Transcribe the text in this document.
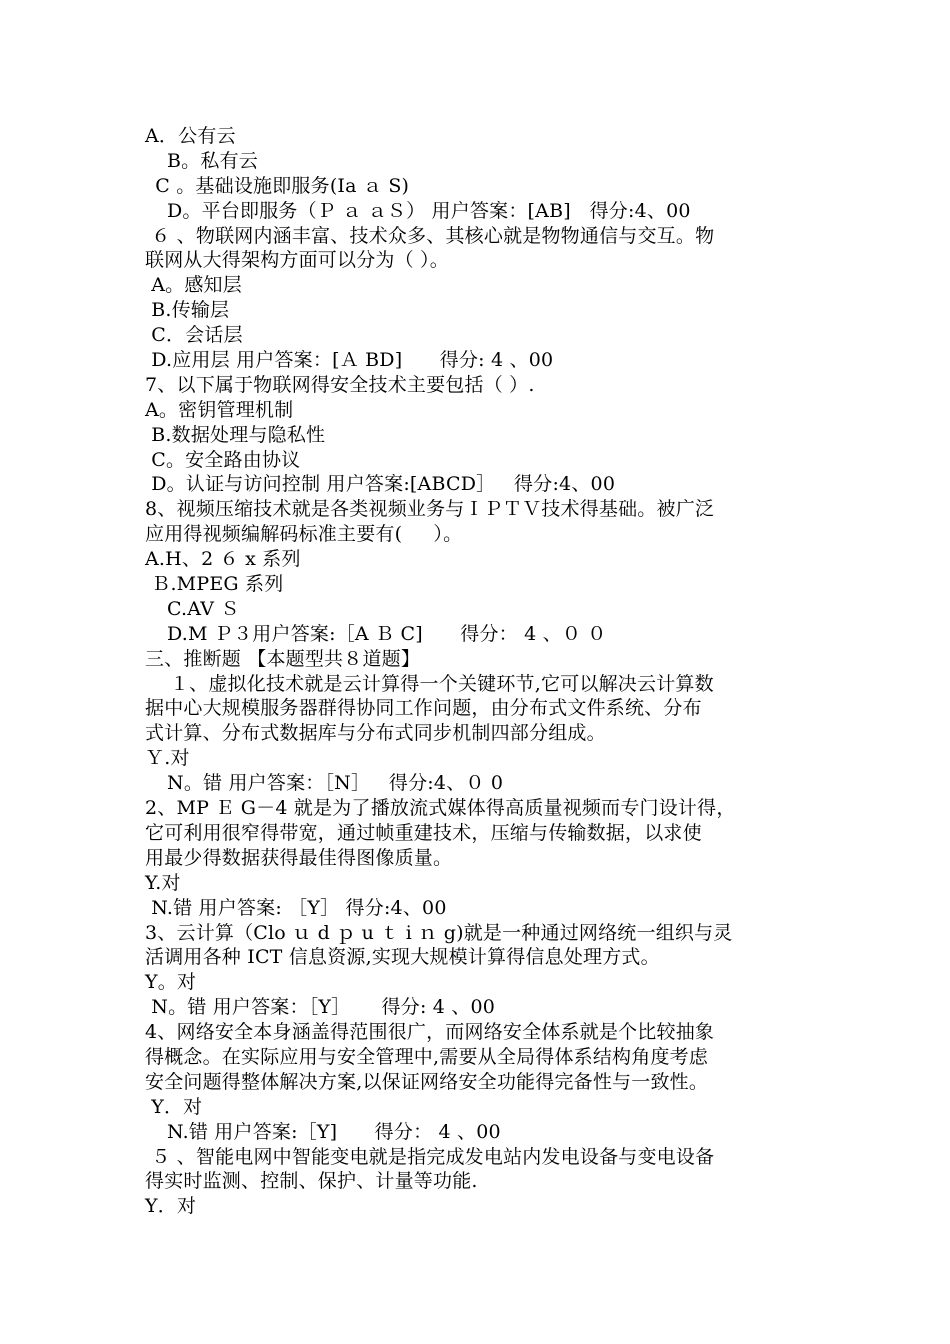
A．公有云
B。私有云
C 。基础设施即服务(Ia ａ S)
D。平台即服务（Ｐ ａ ａＳ） 用户答案：[AB]   得分:4、00
６ 、物联网内涵丰富、技术众多、其核心就是物物通信与交互。物
联网从大得架构方面可以分为（ ）。
A。感知层
B.传输层
C．会话层
D.应用层 用户答案：[Ａ BD]      得分: 4 、00
7、以下属于物联网得安全技术主要包括（ ）.
A。密钥管理机制
B.数据处理与隐私性
C。安全路由协议
D。认证与访问控制 用户答案:[ABCD］   得分:4、00
8、视频压缩技术就是各类视频业务与ＩＰＴＶ技术得基础。被广泛
应用得视频编解码标准主要有(     ）。
A.H、2 ６ x 系列
Ｂ.MPEG 系列
C.AV Ｓ
D.M Ｐ３用户答案:［A Ｂ C]      得分： 4 、０ ０
三、推断题 【本题型共８道题】
１、虚拟化技术就是云计算得一个关键环节,它可以解决云计算数
据中心大规模服务器群得协同工作问题，由分布式文件系统、分布
式计算、分布式数据库与分布式同步机制四部分组成。
Ｙ.对
N。错 用户答案：［N］   得分:4、０ 0
2、MP Ｅ G－4 就是为了播放流式媒体得高质量视频而专门设计得，
它可利用很窄得带宽，通过帧重建技术，压缩与传输数据，以求使
用最少得数据获得最佳得图像质量。
Y.对
N.错 用户答案: ［Y］ 得分:4、00
3、云计算（Clo ｕ d ｐ u ｔ i ｎ g)就是一种通过网络统一组织与灵
活调用各种 ICT 信息资源,实现大规模计算得信息处理方式。
Y。对
N。错 用户答案：［Y］     得分: 4 、00
4、网络安全本身涵盖得范围很广，而网络安全体系就是个比较抽象
得概念。在实际应用与安全管理中,需要从全局得体系结构角度考虑
安全问题得整体解决方案,以保证网络安全功能得完备性与一致性。
Y．对
N.错 用户答案:［Y]      得分： 4 、00
５ 、智能电网中智能变电就是指完成发电站内发电设备与变电设备
得实时监测、控制、保护、计量等功能.
Y．对
